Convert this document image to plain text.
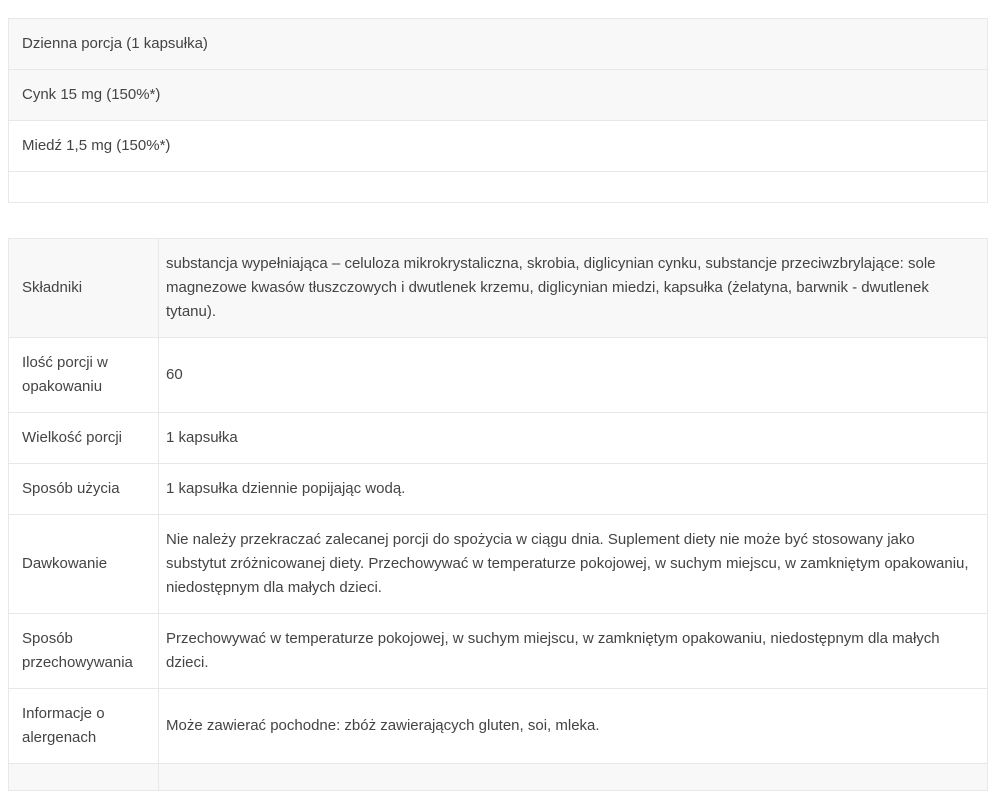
Dzienna porcja (1 kapsułka)
Cynk 15 mg (150%*)
Miedź 1,5 mg (150%*)

Składniki	substancja wypełniająca – celuloza mikrokrystaliczna, skrobia, diglicynian cynku, substancje przeciwzbrylające: sole magnezowe kwasów tłuszczowych i dwutlenek krzemu, diglicynian miedzi, kapsułka (żelatyna, barwnik - dwutlenek tytanu).
Ilość porcji w opakowaniu	60
Wielkość porcji	1 kapsułka
Sposób użycia	1 kapsułka dziennie popijając wodą.
Dawkowanie	Nie należy przekraczać zalecanej porcji do spożycia w ciągu dnia. Suplement diety nie może być stosowany jako substytut zróżnicowanej diety. Przechowywać w temperaturze pokojowej, w suchym miejscu, w zamkniętym opakowaniu, niedostępnym dla małych dzieci.
Sposób przechowywania	Przechowywać w temperaturze pokojowej, w suchym miejscu, w zamkniętym opakowaniu, niedostępnym dla małych dzieci.
Informacje o alergenach	Może zawierać pochodne: zbóż zawierających gluten, soi, mleka.
